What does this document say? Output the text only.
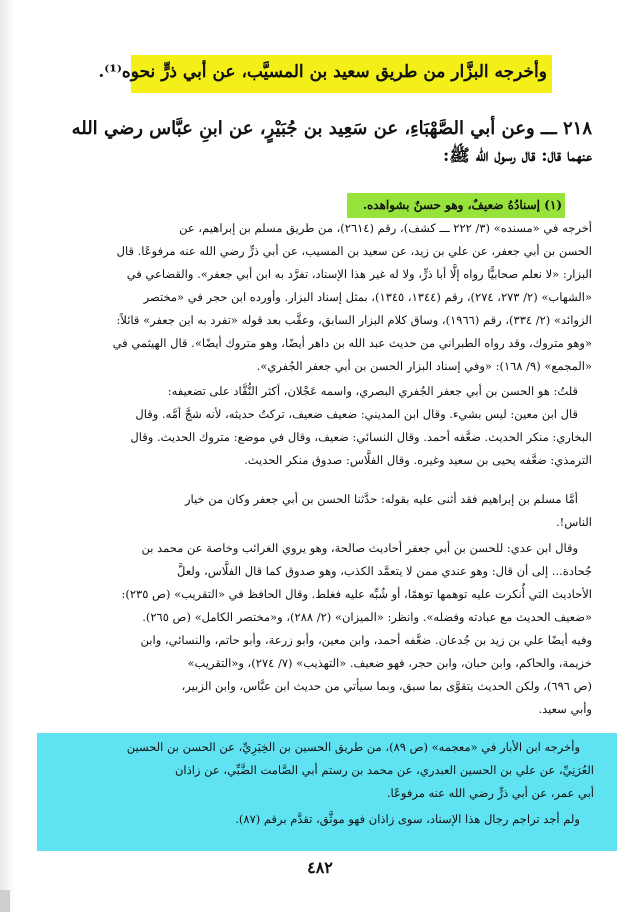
وأخرجه البزَّار من طريق سعيد بن المسيَّب، عن أبي ذرٍّ نحوه⁽¹⁾.
٢١٨ ـــ وعن أبي الصَّهْبَاءِ، عن سَعِيد بن جُبَيْرٍ، عن ابنِ عبَّاس رضي الله
عنهما قال: قال رسول الله ﷺ:
(١) إسنادُهُ ضعيفٌ، وهو حسنٌ بشواهده.
أخرجه في «مسنده» (٣/ ٢٢٢ ـــ كشف)، رقم (٢٦١٤)، من طريق مسلم بن إبراهيم، عن
الحسن بن أبي جعفر، عن علي بن زيد، عن سعيد بن المسيب، عن أبي ذرٍّ رضي الله عنه مرفوعًا. قال
البزار: «لا نعلم صحابيًّا رواه إلَّا أبا ذرٍّ، ولا له غير هذا الإسناد، تفرَّد به ابن أبي جعفر». والقضاعي في
«الشهاب» (٢/ ٢٧٣، ٢٧٤)، رقم (١٣٤٤، ١٣٤٥)، بمثل إسناد البزار. وأورده ابن حجر في «مختصر
الزوائد» (٢/ ٣٣٤)، رقم (١٩٦٦)، وساق كلام البزار السابق، وعقَّب بعد قوله «تفرد به ابن جعفر» قائلاً:
«وهو متروك، وقد رواه الطبراني من حديث عبد الله بن داهر أيضًا، وهو متروك أيضًا». قال الهيثمي في
«المجمع» (٩/ ١٦٨): «وفي إسناد البزار الحسن بن أبي جعفر الجُفري».
قلتُ: هو الحسن بن أبي جعفر الجُفري البصري، واسمه عَجْلان، أكثر النُّقَّاد على تضعيفه:
قال ابن معين: ليس بشيء. وقال ابن المديني: ضعيف ضعيف، تركتُ حديثه، لأنه شجَّ أمَّه. وقال
البخاري: منكر الحديث. ضعَّفه أحمد. وقال النسائي: ضعيف، وقال في موضع: متروك الحديث. وقال
الترمذي: ضعَّفه يحيى بن سعيد وغيره. وقال الفلَّاس: صدوق منكر الحديث.
أمَّا مسلم بن إبراهيم فقد أثنى عليه بقوله: حدَّثنا الحسن بن أبي جعفر وكان من خيار
الناس!.
وقال ابن عدي: للحسن بن أبي جعفر أحاديث صالحة، وهو يروي الغرائب وخاصة عن محمد بن
جُحادة... إلى أن قال: وهو عندي ممن لا يتعمَّد الكذب، وهو صدوق كما قال الفلَّاس، ولعلَّ
الأحاديث التي أُنكرت عليه توهمها توهمًا، أو شُبِّه عليه فغلط. وقال الحافظ في «التقريب» (ص ٢٣٥):
«ضعيف الحديث مع عبادته وفضله». وانظر: «الميزان» (٢/ ٢٨٨)، و«مختصر الكامل» (ص ٢٦٥).
وفيه أيضًا علي بن زيد بن جُدعان. ضعَّفه أحمد، وابن معين، وأبو زرعة، وأبو حاتم، والنسائي، وابن
خزيمة، والحاكم، وابن حبان، وابن حجر، فهو ضعيف. «التهذيب» (٧/ ٢٧٤)، و«التقريب»
(ص ٦٩٦)، ولكن الحديث يتقوَّى بما سبق، وبما سيأتي من حديث ابن عبَّاس، وابن الزبير،
وأبي سعيد.
وأخرجه ابن الأبار في «معجمه» (ص ٨٩)، من طريق الحسين بن الخِيَرِيِّ، عن الحسن بن الحسين
العُرَنِيِّ، عن علي بن الحسين العبدري، عن محمد بن رستم أبي الصَّامت الضَّبِّي، عن زاذان
أبي عمر، عن أبي ذرٍّ رضي الله عنه مرفوعًا.
ولم أجد تراجم رجال هذا الإسناد، سوى زاذان فهو موثَّق، تقدَّم برقم (٨٧).
٤٨٢
